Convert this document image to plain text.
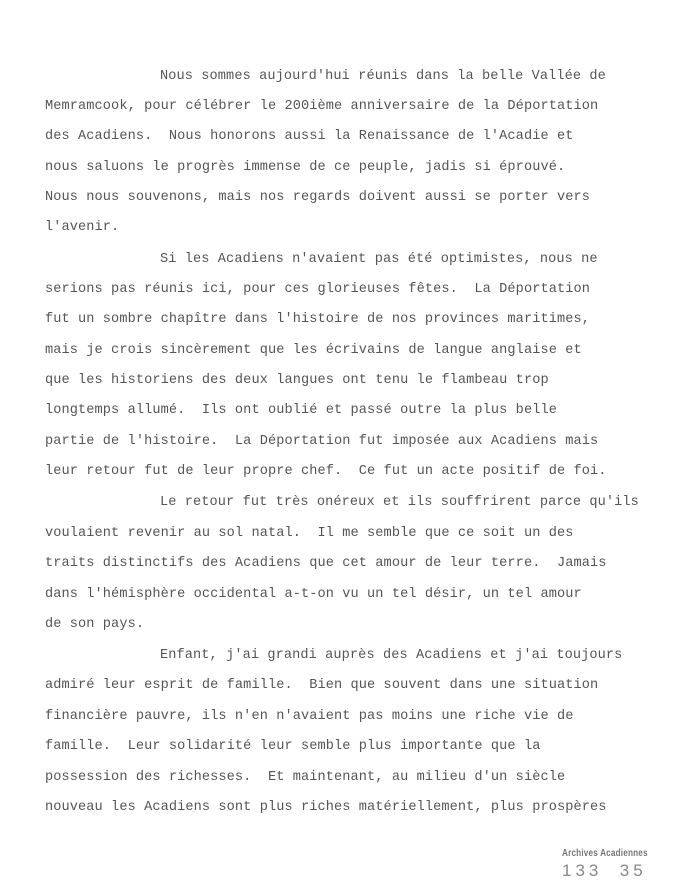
Nous sommes aujourd'hui réunis dans la belle Vallée de
Memramcook, pour célébrer le 200ième anniversaire de la Déportation
des Acadiens.  Nous honorons aussi la Renaissance de l'Acadie et
nous saluons le progrès immense de ce peuple, jadis si éprouvé.
Nous nous souvenons, mais nos regards doivent aussi se porter vers
l'avenir.
Si les Acadiens n'avaient pas été optimistes, nous ne
serions pas réunis ici, pour ces glorieuses fêtes.  La Déportation
fut un sombre chapître dans l'histoire de nos provinces maritimes,
mais je crois sincèrement que les écrivains de langue anglaise et
que les historiens des deux langues ont tenu le flambeau trop
longtemps allumé.  Ils ont oublié et passé outre la plus belle
partie de l'histoire.  La Déportation fut imposée aux Acadiens mais
leur retour fut de leur propre chef.  Ce fut un acte positif de foi.
Le retour fut très onéreux et ils souffrirent parce qu'ils
voulaient revenir au sol natal.  Il me semble que ce soit un des
traits distinctifs des Acadiens que cet amour de leur terre.  Jamais
dans l'hémisphère occidental a-t-on vu un tel désir, un tel amour
de son pays.
Enfant, j'ai grandi auprès des Acadiens et j'ai toujours
admiré leur esprit de famille.  Bien que souvent dans une situation
financière pauvre, ils n'en n'avaient pas moins une riche vie de
famille.  Leur solidarité leur semble plus importante que la
possession des richesses.  Et maintenant, au milieu d'un siècle
nouveau les Acadiens sont plus riches matériellement, plus prospères
Archives Acadiennes
133  35
